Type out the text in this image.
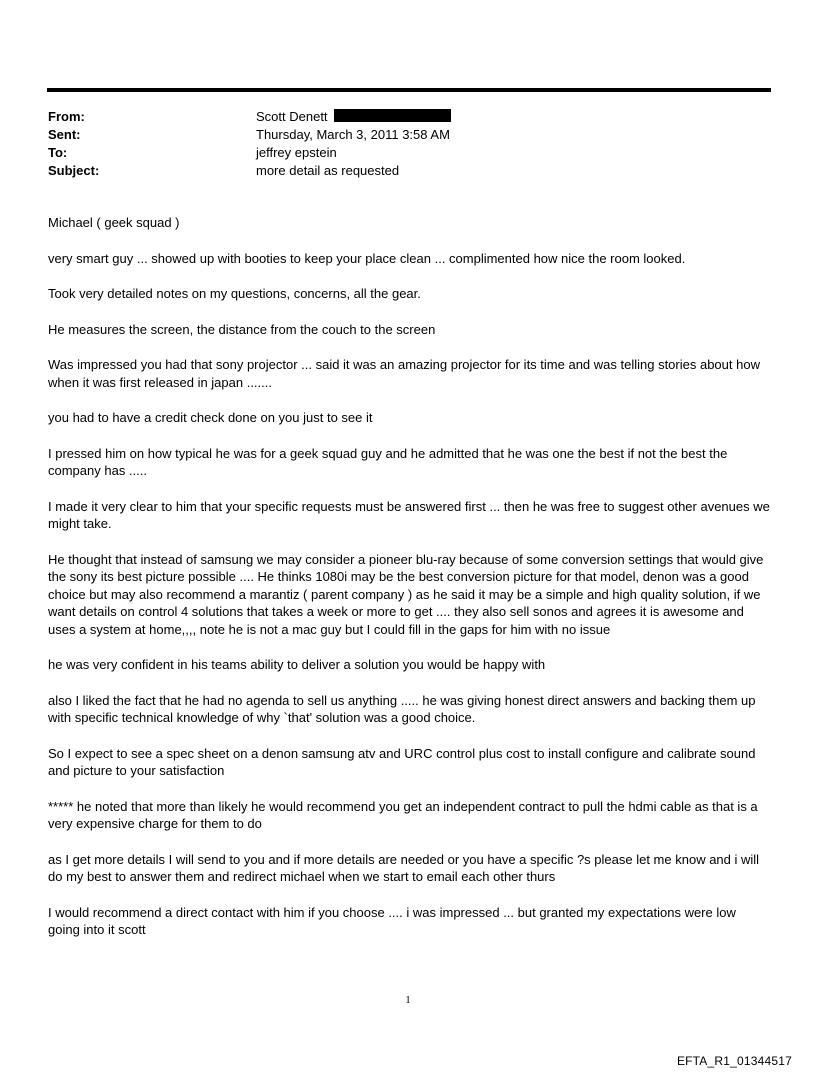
From:	Scott Denett
Sent:	Thursday, March 3, 2011 3:58 AM
To:	jeffrey epstein
Subject:	more detail as requested

Michael ( geek squad )

very smart guy ... showed up with booties to keep your place clean ... complimented how nice the room looked.

Took very detailed notes on my questions, concerns, all the gear.

He measures the screen, the distance from the couch to the screen

Was impressed you had that sony projector ... said it was an amazing projector for its time and was telling stories about how when it was first released in japan .......

you had to have a credit check done on you just to see it

I pressed him on how typical he was for a geek squad guy and he admitted that he was one the best if not the best the company has .....

I made it very clear to him that your specific requests must be answered first ... then he was free to suggest other avenues we might take.

He thought that instead of samsung we may consider a pioneer blu-ray because of some conversion settings that would give the sony its best picture possible .... He thinks 1080i may be the best conversion picture for that model, denon was a good choice but may also recommend a marantiz ( parent company ) as he said it may be a simple and high quality solution, if we want details on control 4 solutions that takes a week or more to get .... they also sell sonos and agrees it is awesome and uses a system at home,,,, note he is not a mac guy but I could fill in the gaps for him with no issue

he was very confident in his teams ability to deliver a solution you would be happy with

also I liked the fact that he had no agenda to sell us anything ..... he was giving honest direct answers and backing them up with specific technical knowledge of why `that' solution was a good choice.

So I expect to see a spec sheet on a denon samsung atv and URC control plus cost to install configure and calibrate sound and picture to your satisfaction

***** he noted that more than likely he would recommend you get an independent contract to pull the hdmi cable as that is a very expensive charge for them to do

as I get more details I will send to you and if more details are needed or you have a specific ?s please let me know and i will do my best to answer them and redirect michael when we start to email each other thurs

I would recommend a direct contact with him if you choose .... i was impressed ... but granted my expectations were low going into it scott

1
EFTA_R1_01344517
